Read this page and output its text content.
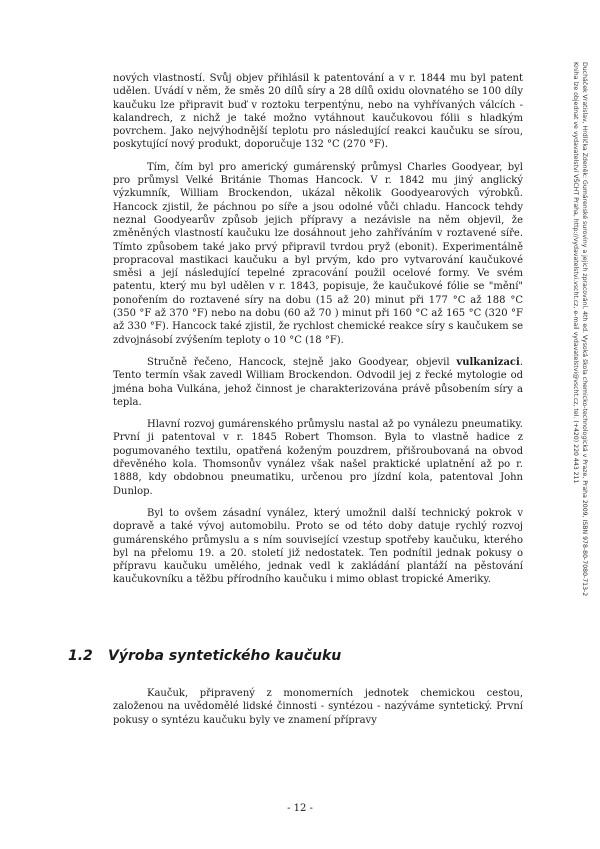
Ducháček Vratislav, Hrdlička Zdeněk: Gumárenské suroviny a jejich zpracování, 4th ed. Vysoká škola chemicko-technologická v Praze, Praha 2009, ISBN 978-80-7080-713-2
Kniha lze objednat ve vydavatelství VŠCHT Praha, http://vydavatelstvi.vscht.cz, e-mail vydavatelstvi@vscht.cz, tel. (+420) 220 443 211

nových vlastností. Svůj objev přihlásil k patentování a v r. 1844 mu byl patent udělen. Uvádí v něm, že směs 20 dílů síry a 28 dílů oxidu olovnatého se 100 díly kaučuku lze připravit buď v roztoku terpentýnu, nebo na vyhřívaných válcích - kalandrech, z nichž je také možno vytáhnout kaučukovou fólii s hladkým povrchem. Jako nejvýhodnější teplotu pro následující reakci kaučuku se sírou, poskytující nový produkt, doporučuje 132 °C (270 °F).

Tím, čím byl pro americký gumárenský průmysl Charles Goodyear, byl pro průmysl Velké Británie Thomas Hancock. V r. 1842 mu jiný anglický výzkumník, William Brockendon, ukázal několik Goodyearových výrobků. Hancock zjistil, že páchnou po síře a jsou odolné vůči chladu. Hancock tehdy neznal Goodyearův způsob jejich přípravy a nezávisle na něm objevil, že změněných vlastností kaučuku lze dosáhnout jeho zahříváním v roztavené síře. Tímto způsobem také jako prvý připravil tvrdou pryž (ebonit). Experimentálně propracoval mastikaci kaučuku a byl prvým, kdo pro vytvarování kaučukové směsi a její následující tepelné zpracování použil ocelové formy. Ve svém patentu, který mu byl udělen v r. 1843, popisuje, že kaučukové fólie se "mění" ponořením do roztavené síry na dobu (15 až 20) minut při 177 °C až 188 °C (350 °F až 370 °F) nebo na dobu (60 až 70 ) minut při 160 °C až 165 °C (320 °F až 330 °F). Hancock také zjistil, že rychlost chemické reakce síry s kaučukem se zdvojnásobí zvýšením teploty o 10 °C (18 °F).

Stručně řečeno, Hancock, stejně jako Goodyear, objevil vulkanizaci. Tento termín však zavedl William Brockendon. Odvodil jej z řecké mytologie od jména boha Vulkána, jehož činnost je charakterizována právě působením síry a tepla.

Hlavní rozvoj gumárenského průmyslu nastal až po vynálezu pneumatiky. První ji patentoval v r. 1845 Robert Thomson. Byla to vlastně hadice z pogumovaného textilu, opatřená koženým pouzdrem, přišroubovaná na obvod dřevěného kola. Thomsonův vynález však našel praktické uplatnění až po r. 1888, kdy obdobnou pneumatiku, určenou pro jízdní kola, patentoval John Dunlop.

Byl to ovšem zásadní vynález, který umožnil další technický pokrok v dopravě a také vývoj automobilu. Proto se od této doby datuje rychlý rozvoj gumárenského průmyslu a s ním související vzestup spotřeby kaučuku, kterého byl na přelomu 19. a 20. století již nedostatek. Ten podnítil jednak pokusy o přípravu kaučuku umělého, jednak vedl k zakládání plantáží na pěstování kaučukovníku a těžbu přírodního kaučuku i mimo oblast tropické Ameriky.

1.2 Výroba syntetického kaučuku

Kaučuk, připravený z monomerních jednotek chemickou cestou, založenou na uvědomělé lidské činnosti - syntézou - nazýváme syntetický. První pokusy o syntézu kaučuku byly ve znamení přípravy

- 12 -
